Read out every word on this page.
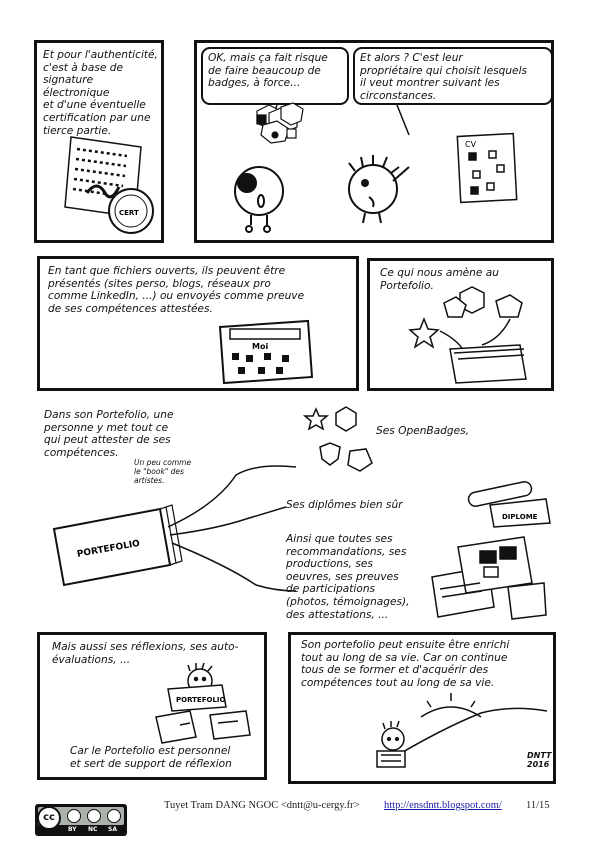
Et pour l'authenticité,
c'est à base de
signature électronique
et d'une éventuelle
certification par une
tierce partie.
CERT
OK, mais ça fait risque
de faire beaucoup de
badges, à force...
Et alors ? C'est leur
propriétaire qui choisit lesquels
il veut montrer suivant les
circonstances.
CV
En tant que fichiers ouverts, ils peuvent être
présentés (sites perso, blogs, réseaux pro
comme LinkedIn, ...) ou envoyés comme preuve
de ses compétences attestées.
Moi
Ce qui nous amène au
Portefolio.
Dans son Portefolio, une
personne y met tout ce
qui peut attester de ses
compétences.
Un peu comme
le "book" des
artistes.
PORTEFOLIO
Ses OpenBadges,
Ses diplômes bien sûr
DIPLOME
Ainsi que toutes ses
recommandations, ses
productions, ses
oeuvres, ses preuves
de participations
(photos, témoignages),
des attestations, ...
Mais aussi ses réflexions, ses auto-
évaluations, ...
PORTEFOLIO
Car le Portefolio est personnel
et sert de support de réflexion
Son portefolio peut ensuite être enrichi
tout au long de sa vie. Car on continue
tous de se former et d'acquérir des
compétences tout au long de sa vie.
DNTT
2016
cc
BY NC SA
Tuyet Tram DANG NGOC <dntt@u-cergy.fr> http://ensdntt.blogspot.com/ 11/15
